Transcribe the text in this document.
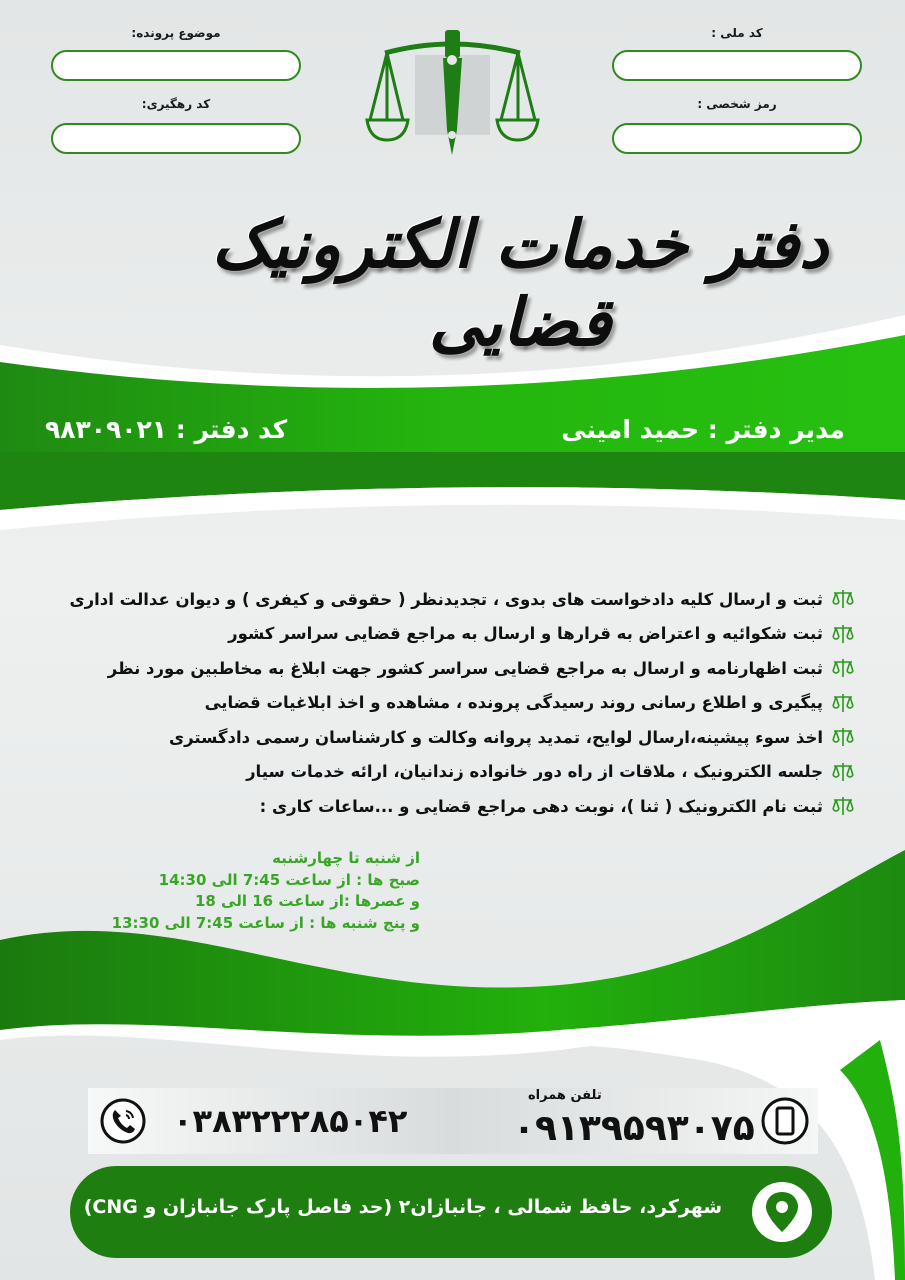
کد ملی :
رمز شخصی :
موضوع پرونده:
کد رهگیری:
دفتر خدمات الکترونیک قضایی
مدیر دفتر : حمید امینی
کد دفتر : ۹۸۳۰۹۰۲۱
ثبت و ارسال کلیه دادخواست های بدوی ، تجدیدنظر ( حقوقی و کیفری ) و دیوان عدالت اداری
ثبت شکوائیه و اعتراض به قرارها و ارسال به مراجع قضایی سراسر کشور
ثبت اظهارنامه و ارسال به مراجع قضایی سراسر کشور جهت ابلاغ به مخاطبین مورد نظر
پیگیری و اطلاع رسانی روند رسیدگی پرونده ، مشاهده و اخذ ابلاغیات قضایی
اخذ سوء پیشینه،ارسال لوایح، تمدید پروانه وکالت و کارشناسان رسمی دادگستری
جلسه الکترونیک ، ملاقات از راه دور خانواده زندانیان، ارائه خدمات سیار
ثبت نام الکترونیک ( ثنا )، نوبت دهی مراجع قضایی و ...ساعات کاری :
از شنبه تا چهارشنبه
صبح ها : از ساعت 7:45 الی 14:30
و عصرها :از ساعت 16 الی 18
و پنج شنبه ها : از ساعت 7:45 الی 13:30
۰۳۸۳۲۲۲۸۵۰۴۲
تلفن همراه
۰۹۱۳۹۵۹۳۰۷۵
شهرکرد، حافظ شمالی ، جانبازان۲ (حد فاصل پارک جانبازان و CNG)
